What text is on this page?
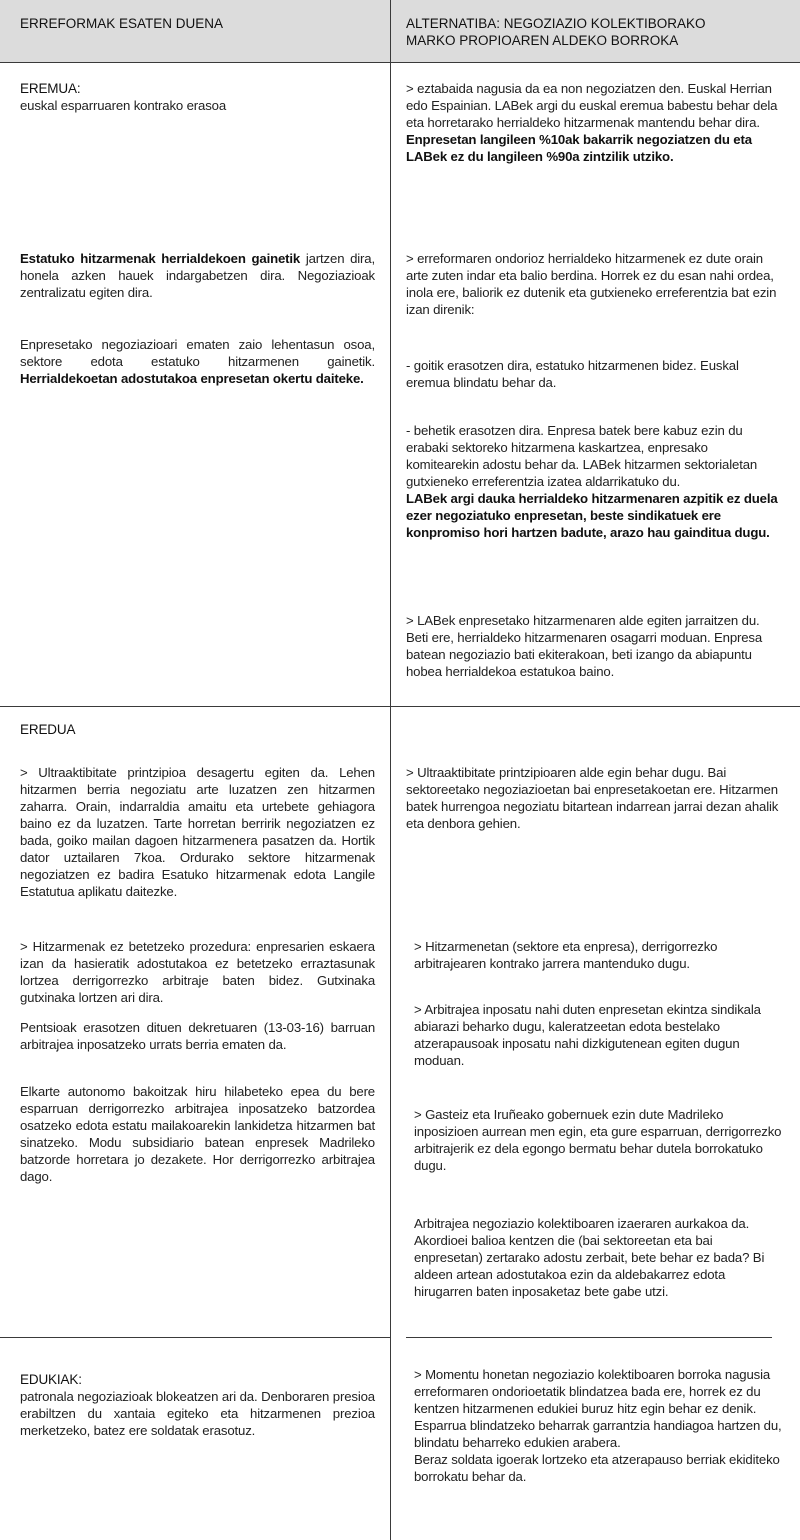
ERREFORMAK ESATEN DUENA	ALTERNATIBA: NEGOZIAZIO KOLEKTIBORAKO
MARKO PROPIOAREN ALDEKO BORROKA
EREMUA:
euskal esparruaren kontrako erasoa

> eztabaida nagusia da ea non negoziatzen den. Euskal Herrian edo Espainian. LABek argi du euskal eremua babestu behar dela eta horretarako herrialdeko hitzarmenak mantendu behar dira. Enpresetan langileen %10ak bakarrik negoziatzen du eta LABek ez du langileen %90a zintzilik utziko.

Estatuko hitzarmenak herrialdekoen gainetik jartzen dira, honela azken hauek indargabetzen dira. Negoziazioak zentralizatu egiten dira.

Enpresetako negoziazioari ematen zaio lehentasun osoa, sektore edota estatuko hitzarmenen gainetik. Herrialdekoetan adostutakoa enpresetan okertu daiteke.

> erreformaren ondorioz herrialdeko hitzarmenek ez dute orain arte zuten indar eta balio berdina. Horrek ez du esan nahi ordea, inola ere, baliorik ez dutenik eta gutxieneko erreferentzia bat ezin izan direnik:

- goitik erasotzen dira, estatuko hitzarmenen bidez. Euskal eremua blindatu behar da.

- behetik erasotzen dira. Enpresa batek bere kabuz ezin du erabaki sektoreko hitzarmena kaskartzea, enpresako komitearekin adostu behar da. LABek hitzarmen sektorialetan gutxieneko erreferentzia izatea aldarrikatuko du.
LABek argi dauka herrialdeko hitzarmenaren azpitik ez duela ezer negoziatuko enpresetan, beste sindikatuek ere konpromiso hori hartzen badute, arazo hau gainditua dugu.

> LABek enpresetako hitzarmenaren alde egiten jarraitzen du. Beti ere, herrialdeko hitzarmenaren osagarri moduan. Enpresa batean negoziazio bati ekiterakoan, beti izango da abiapuntu hobea herrialdekoa estatukoa baino.

EREDUA

> Ultraaktibitate printzipioa desagertu egiten da. Lehen hitzarmen berria negoziatu arte luzatzen zen hitzarmen zaharra. Orain, indarraldia amaitu eta urtebete gehiagora baino ez da luzatzen. Tarte horretan berririk negoziatzen ez bada, goiko mailan dagoen hitzarmenera pasatzen da. Hortik dator uztailaren 7koa. Ordurako sektore hitzarmenak negoziatzen ez badira Esatuko hitzarmenak edota Langile Estatutua aplikatu daitezke.

> Hitzarmenak ez betetzeko prozedura: enpresarien eskaera izan da hasieratik adostutakoa ez betetzeko erraztasunak lortzea derrigorrezko arbitraje baten bidez. Gutxinaka gutxinaka lortzen ari dira.

Pentsioak erasotzen dituen dekretuaren (13-03-16) barruan arbitrajea inposatzeko urrats berria ematen da.

Elkarte autonomo bakoitzak hiru hilabeteko epea du bere esparruan derrigorrezko arbitrajea inposatzeko batzordea osatzeko edota estatu mailakoarekin lankidetza hitzarmen bat sinatzeko. Modu subsidiario batean enpresek Madrileko batzorde horretara jo dezakete. Hor derrigorrezko arbitrajea dago.

> Ultraaktibitate printzipioaren alde egin behar dugu. Bai sektoreetako negoziazioetan bai enpresetakoetan ere. Hitzarmen batek hurrengoa negoziatu bitartean indarrean jarrai dezan ahalik eta denbora gehien.

> Hitzarmenetan (sektore eta enpresa), derrigorrezko arbitrajearen kontrako jarrera mantenduko dugu.

> Arbitrajea inposatu nahi duten enpresetan ekintza sindikala abiarazi beharko dugu, kaleratzeetan edota bestelako atzerapausoak inposatu nahi dizkigutenean egiten dugun moduan.

> Gasteiz eta Iruñeako gobernuek ezin dute Madrileko inposizioen aurrean men egin, eta gure esparruan, derrigorrezko arbitrajerik ez dela egongo bermatu behar dutela borrokatuko dugu.

Arbitrajea negoziazio kolektiboaren izaeraren aurkakoa da. Akordioei balioa kentzen die (bai sektoreetan eta bai enpresetan) zertarako adostu zerbait, bete behar ez bada? Bi aldeen artean adostutakoa ezin da aldebakarrez edota hirugarren baten inposaketaz bete gabe utzi.

EDUKIAK:
patronala negoziazioak blokeatzen ari da. Denboraren presioa erabiltzen du xantaia egiteko eta hitzarmenen prezioa merketzeko, batez ere soldatak erasotuz.
> Momentu honetan negoziazio kolektiboaren borroka nagusia erreformaren ondorioetatik blindatzea bada ere, horrek ez du kentzen hitzarmenen edukiei buruz hitz egin behar ez denik.
Esparrua blindatzeko beharrak garrantzia handiagoa hartzen du, blindatu beharreko edukien arabera.
Beraz soldata igoerak lortzeko eta atzerapauso berriak ekiditeko borrokatu behar da.
